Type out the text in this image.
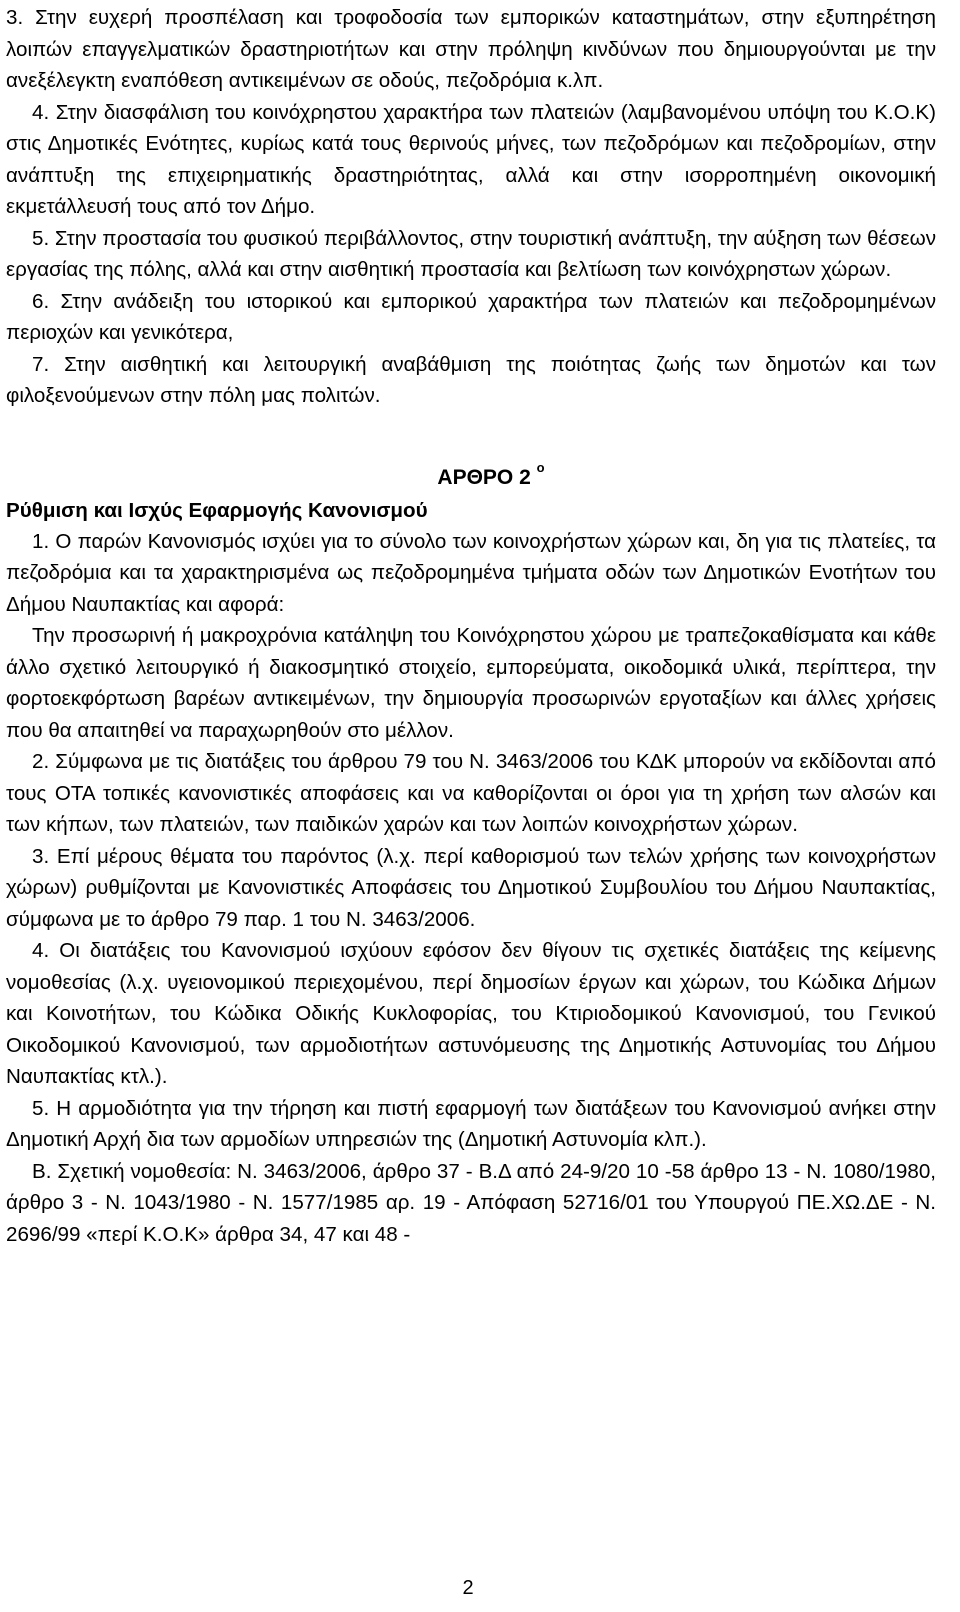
3. Στην ευχερή προσπέλαση και τροφοδοσία των εμπορικών καταστημάτων, στην εξυπηρέτηση λοιπών επαγγελματικών δραστηριοτήτων και στην πρόληψη κινδύνων που δημιουργούνται με την ανεξέλεγκτη εναπόθεση αντικειμένων σε οδούς, πεζοδρόμια κ.λπ.

4. Στην διασφάλιση του κοινόχρηστου χαρακτήρα των πλατειών (λαμβανομένου υπόψη του Κ.Ο.Κ) στις Δημοτικές Ενότητες, κυρίως κατά τους θερινούς μήνες, των πεζοδρόμων και πεζοδρομίων, στην ανάπτυξη της επιχειρηματικής δραστηριότητας, αλλά και στην ισορροπημένη οικονομική εκμετάλλευσή τους από τον Δήμο.

5. Στην προστασία του φυσικού περιβάλλοντος, στην τουριστική ανάπτυξη, την αύξηση των θέσεων εργασίας της πόλης, αλλά και στην αισθητική προστασία και βελτίωση των κοινόχρηστων χώρων.

6. Στην ανάδειξη του ιστορικού και εμπορικού χαρακτήρα των πλατειών και πεζοδρομημένων περιοχών και γενικότερα,

7. Στην αισθητική και λειτουργική αναβάθμιση της ποιότητας ζωής των δημοτών και των φιλοξενούμενων στην πόλη μας πολιτών.

ΑΡΘΡΟ 2 $^o$
Ρύθμιση και Ισχύς Εφαρμογής Κανονισμού

1. Ο παρών Κανονισμός ισχύει για το σύνολο των κοινοχρήστων χώρων και, δη για τις πλατείες, τα πεζοδρόμια και τα χαρακτηρισμένα ως πεζοδρομημένα τμήματα οδών των Δημοτικών Ενοτήτων του Δήμου Ναυπακτίας και αφορά:

Την προσωρινή ή μακροχρόνια κατάληψη του Κοινόχρηστου χώρου με τραπεζοκαθίσματα και κάθε άλλο σχετικό λειτουργικό ή διακοσμητικό στοιχείο, εμπορεύματα, οικοδομικά υλικά, περίπτερα, την φορτοεκφόρτωση βαρέων αντικειμένων, την δημιουργία προσωρινών εργοταξίων και άλλες χρήσεις που θα απαιτηθεί να παραχωρηθούν στο μέλλον.

2. Σύμφωνα με τις διατάξεις του άρθρου 79 του Ν. 3463/2006 του ΚΔΚ μπορούν να εκδίδονται από τους ΟΤΑ τοπικές κανονιστικές αποφάσεις και να καθορίζονται οι όροι για τη χρήση των αλσών και των κήπων, των πλατειών, των παιδικών χαρών και των λοιπών κοινοχρήστων χώρων.

3. Επί μέρους θέματα του παρόντος (λ.χ. περί καθορισμού των τελών χρήσης των κοινοχρήστων χώρων) ρυθμίζονται με Κανονιστικές Αποφάσεις του Δημοτικού Συμβουλίου του Δήμου Ναυπακτίας, σύμφωνα με το άρθρο 79 παρ. 1 του Ν. 3463/2006.

4. Οι διατάξεις του Κανονισμού ισχύουν εφόσον δεν θίγουν τις σχετικές διατάξεις της κείμενης νομοθεσίας (λ.χ. υγειονομικού περιεχομένου, περί δημοσίων έργων και χώρων, του Κώδικα Δήμων και Κοινοτήτων, του Κώδικα Οδικής Κυκλοφορίας, του Κτιριοδομικού Κανονισμού, του Γενικού Οικοδομικού Κανονισμού, των αρμοδιοτήτων αστυνόμευσης της Δημοτικής Αστυνομίας του Δήμου Ναυπακτίας κτλ.).

5. Η αρμοδιότητα για την τήρηση και πιστή εφαρμογή των διατάξεων του Κανονισμού ανήκει στην Δημοτική Αρχή δια των αρμοδίων υπηρεσιών της (Δημοτική Αστυνομία κλπ.).

Β. Σχετική νομοθεσία: Ν. 3463/2006, άρθρο 37 - Β.Δ από 24-9/20 10 -58 άρθρο 13 - Ν. 1080/1980, άρθρο 3 - Ν. 1043/1980 - Ν. 1577/1985 αρ. 19 - Απόφαση 52716/01 του Υπουργού ΠΕ.ΧΩ.ΔΕ - Ν. 2696/99 «περί Κ.Ο.Κ» άρθρα 34, 47 και 48 -

2
